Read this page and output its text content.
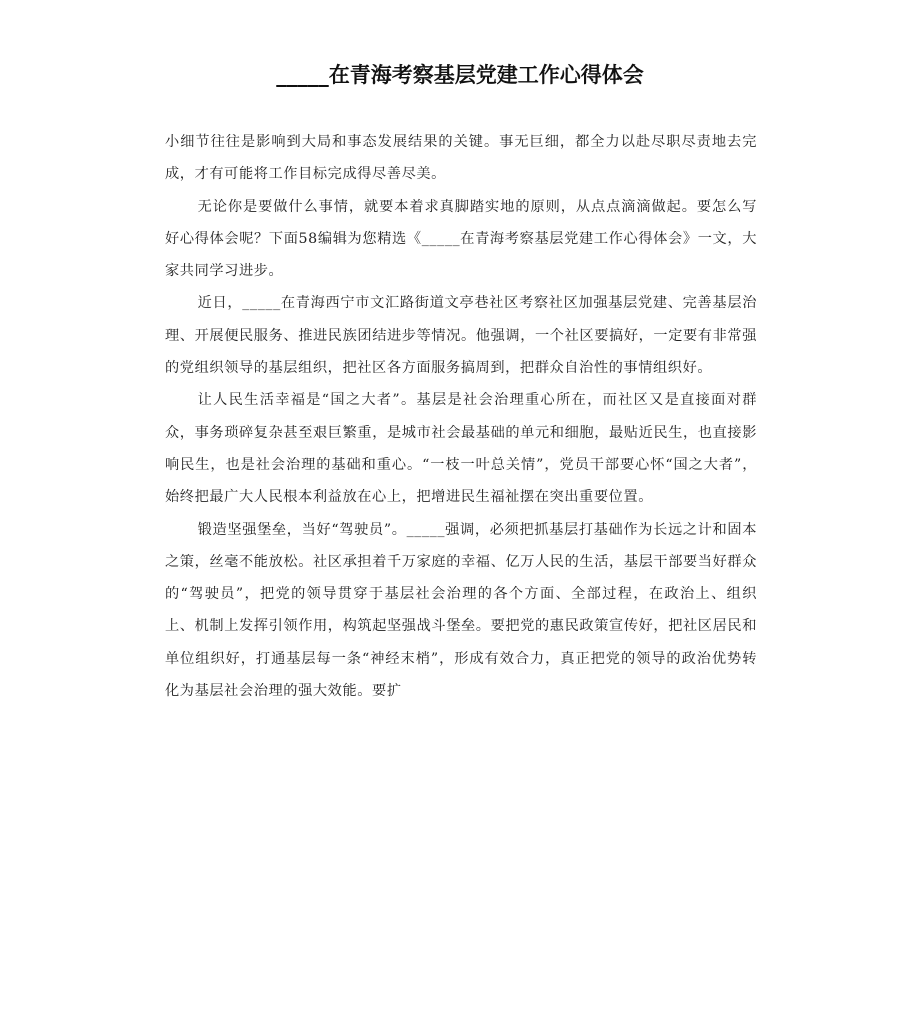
_____在青海考察基层党建工作心得体会

小细节往往是影响到大局和事态发展结果的关键。事无巨细，都全力以赴尽职尽责地去完成，才有可能将工作目标完成得尽善尽美。

无论你是要做什么事情，就要本着求真脚踏实地的原则，从点点滴滴做起。要怎么写好心得体会呢？下面58编辑为您精选《_____在青海考察基层党建工作心得体会》一文，大家共同学习进步。

近日，_____在青海西宁市文汇路街道文亭巷社区考察社区加强基层党建、完善基层治理、开展便民服务、推进民族团结进步等情况。他强调，一个社区要搞好，一定要有非常强的党组织领导的基层组织，把社区各方面服务搞周到，把群众自治性的事情组织好。

让人民生活幸福是“国之大者”。基层是社会治理重心所在，而社区又是直接面对群众，事务琐碎复杂甚至艰巨繁重，是城市社会最基础的单元和细胞，最贴近民生，也直接影响民生，也是社会治理的基础和重心。“一枝一叶总关情”，党员干部要心怀“国之大者”，始终把最广大人民根本利益放在心上，把增进民生福祉摆在突出重要位置。

锻造坚强堡垒，当好“驾驶员”。_____强调，必须把抓基层打基础作为长远之计和固本之策，丝毫不能放松。社区承担着千万家庭的幸福、亿万人民的生活，基层干部要当好群众的“驾驶员”，把党的领导贯穿于基层社会治理的各个方面、全部过程，在政治上、组织上、机制上发挥引领作用，构筑起坚强战斗堡垒。要把党的惠民政策宣传好，把社区居民和单位组织好，打通基层每一条“神经末梢”，形成有效合力，真正把党的领导的政治优势转化为基层社会治理的强大效能。要扩
